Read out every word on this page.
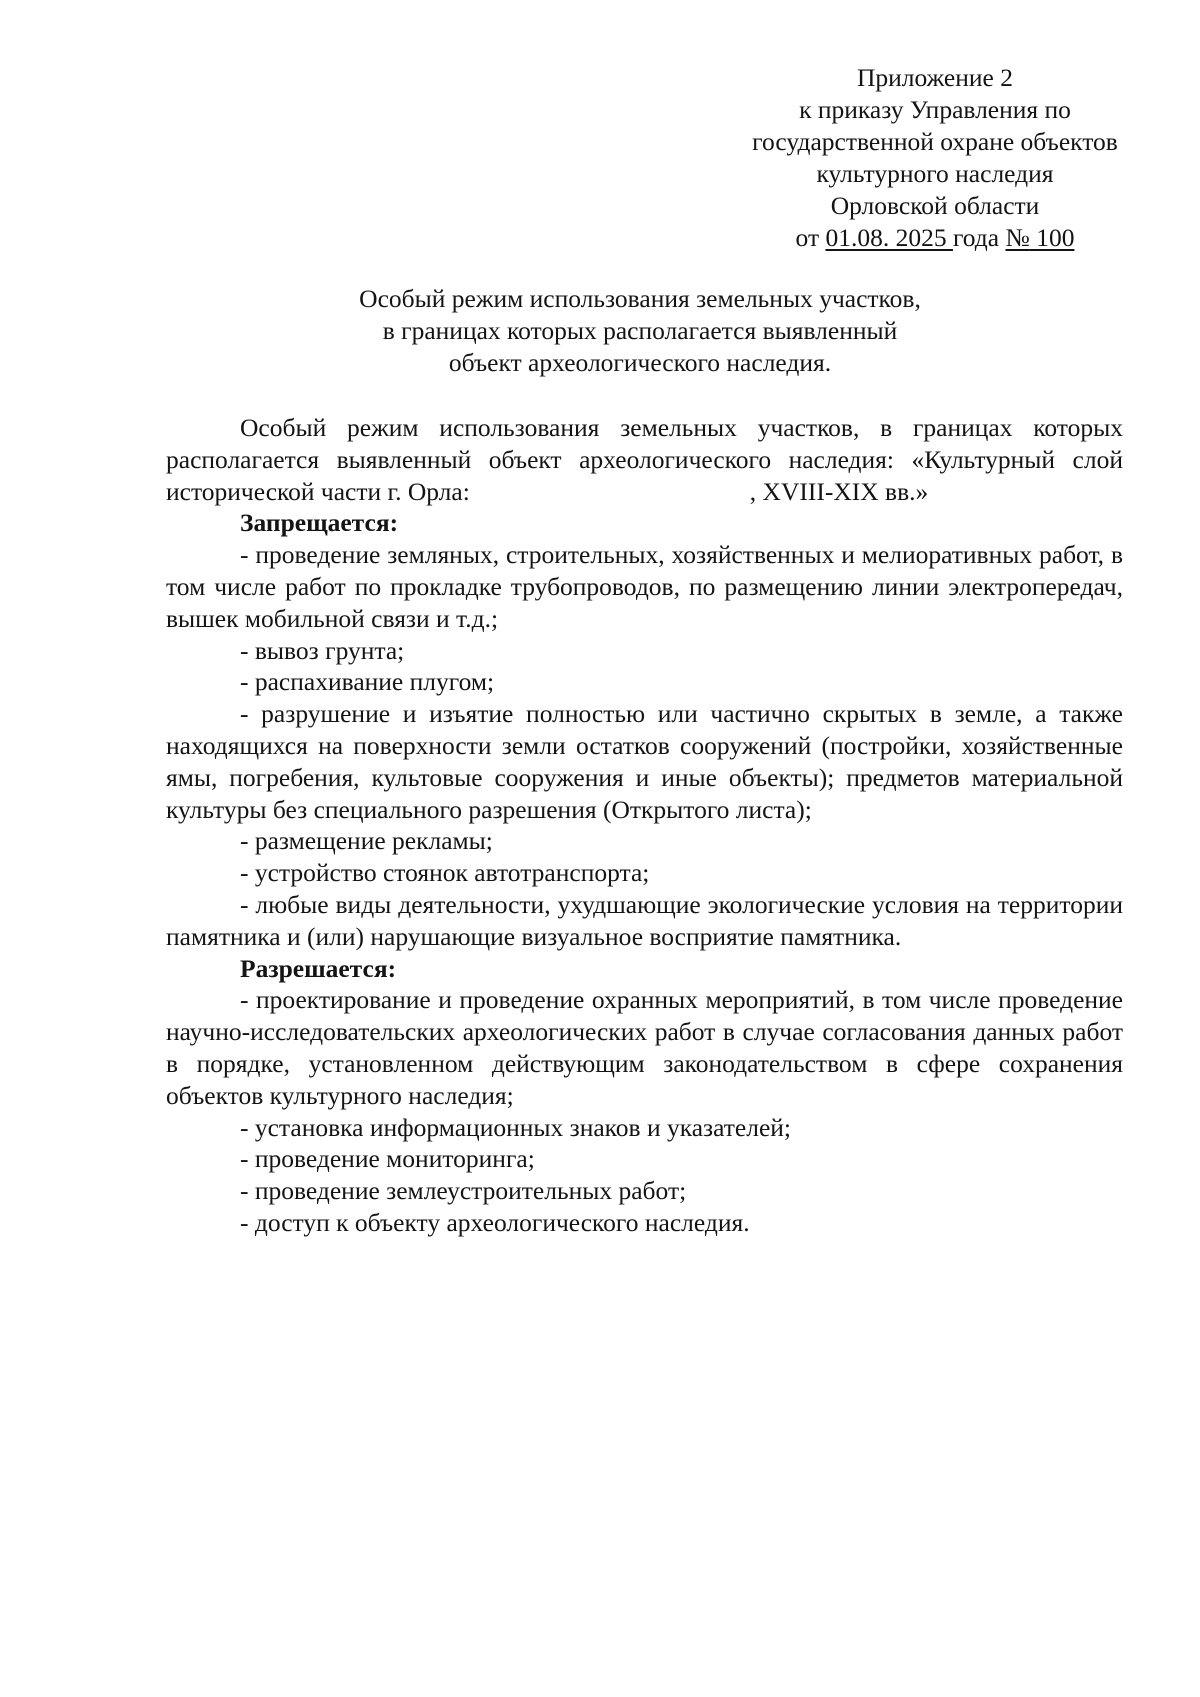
Приложение 2
к приказу Управления по
государственной охране объектов
культурного наследия
Орловской области
от 01.08. 2025 года № 100
Особый режим использования земельных участков,
в границах которых располагается выявленный
объект археологического наследия.

Особый режим использования земельных участков, в границах которых располагается выявленный объект археологического наследия: «Культурный слой исторической части г. Орла:	, XVIII-XIX вв.»

Запрещается:

- проведение земляных, строительных, хозяйственных и мелиоративных работ, в том числе работ по прокладке трубопроводов, по размещению линии электропередач, вышек мобильной связи и т.д.;

- вывоз грунта;

- распахивание плугом;

- разрушение и изъятие полностью или частично скрытых в земле, а также находящихся на поверхности земли остатков сооружений (постройки, хозяйственные ямы, погребения, культовые сооружения и иные объекты); предметов материальной культуры без специального разрешения (Открытого листа);

- размещение рекламы;

- устройство стоянок автотранспорта;

- любые виды деятельности, ухудшающие экологические условия на территории памятника и (или) нарушающие визуальное восприятие памятника.

Разрешается:

- проектирование и проведение охранных мероприятий, в том числе проведение научно-исследовательских археологических работ в случае согласования данных работ в порядке, установленном действующим законодательством в сфере сохранения объектов культурного наследия;

- установка информационных знаков и указателей;

- проведение мониторинга;

- проведение землеустроительных работ;

- доступ к объекту археологического наследия.
